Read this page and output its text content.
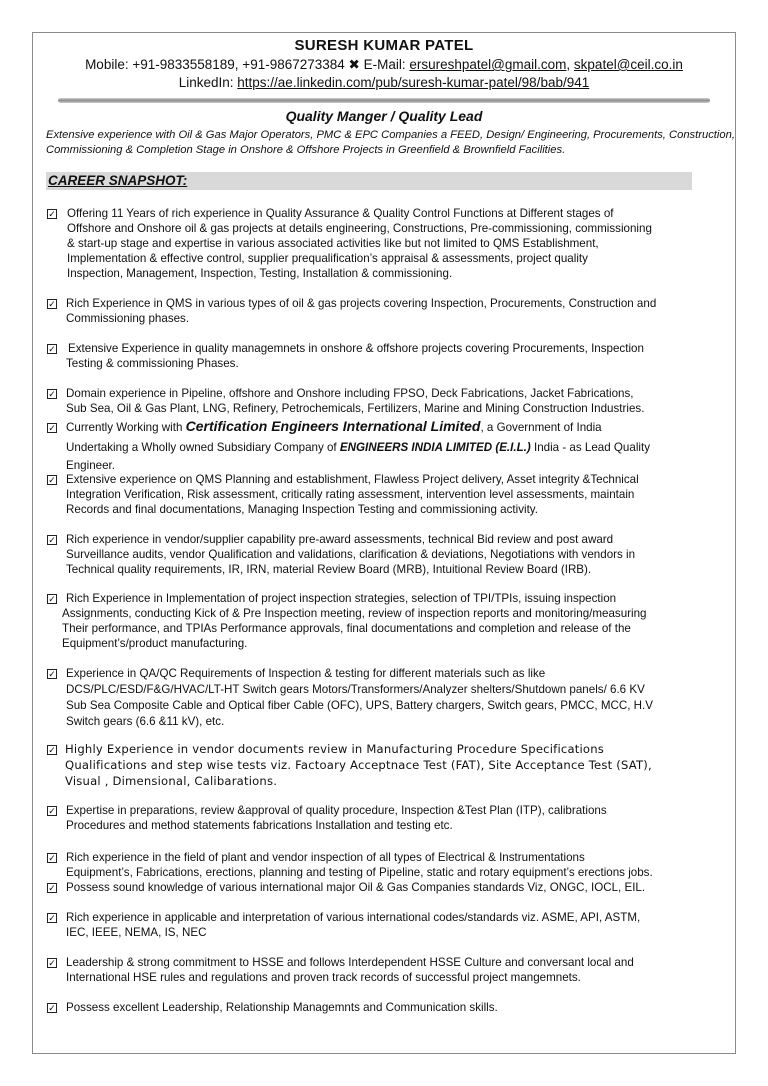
SURESH KUMAR PATEL
Mobile: +91-9833558189, +91-9867273384 ✖ E-Mail: ersureshpatel@gmail.com, skpatel@ceil.co.in
LinkedIn: https://ae.linkedin.com/pub/suresh-kumar-patel/98/bab/941
Quality Manger / Quality Lead
Extensive experience with Oil & Gas Major Operators, PMC & EPC Companies a FEED, Design/ Engineering, Procurements, Construction, Commissioning & Completion Stage in Onshore & Offshore Projects in Greenfield & Brownfield Facilities.
CAREER SNAPSHOT:
✓ Offering 11 Years of rich experience in Quality Assurance & Quality Control Functions at Different stages of
Offshore and Onshore oil & gas projects at details engineering, Constructions, Pre-commissioning, commissioning
& start-up stage and expertise in various associated activities like but not limited to QMS Establishment,
Implementation & effective control, supplier prequalification’s appraisal & assessments, project quality
Inspection, Management, Inspection, Testing, Installation & commissioning.
✓ Rich Experience in QMS in various types of oil & gas projects covering Inspection, Procurements, Construction and
Commissioning phases.
✓ Extensive Experience in quality managemnets in onshore & offshore projects covering Procurements, Inspection
Testing & commissioning Phases.
✓ Domain experience in Pipeline, offshore and Onshore including FPSO, Deck Fabrications, Jacket Fabrications,
Sub Sea, Oil & Gas Plant, LNG, Refinery, Petrochemicals, Fertilizers, Marine and Mining Construction Industries.
✓ Extensive experience on QMS Planning and establishment, Flawless Project delivery, Asset integrity &Technical
Integration Verification, Risk assessment, critically rating assessment, intervention level assessments, maintain
Records and final documentations, Managing Inspection Testing and commissioning activity.
✓ Rich experience in vendor/supplier capability pre-award assessments, technical Bid review and post award
Surveillance audits, vendor Qualification and validations, clarification & deviations, Negotiations with vendors in
Technical quality requirements, IR, IRN, material Review Board (MRB), Intuitional Review Board (IRB).
✓ Rich Experience in Implementation of project inspection strategies, selection of TPI/TPIs, issuing inspection
Assignments, conducting Kick of & Pre Inspection meeting, review of inspection reports and monitoring/measuring
Their performance, and TPIAs Performance approvals, final documentations and completion and release of the
Equipment’s/product manufacturing.
✓ Experience in QA/QC Requirements of Inspection & testing for different materials such as like
DCS/PLC/ESD/F&G/HVAC/LT-HT Switch gears Motors/Transformers/Analyzer shelters/Shutdown panels/ 6.6 KV
Sub Sea Composite Cable and Optical fiber Cable (OFC), UPS, Battery chargers, Switch gears, PMCC, MCC, H.V
Switch gears (6.6 &11 kV), etc.
✓ Highly Experience in vendor documents review in Manufacturing Procedure Specifications
Qualifications and step wise tests viz. Factoary Acceptnace Test (FAT), Site Acceptance Test (SAT),
Visual , Dimensional, Calibarations.
✓ Expertise in preparations, review &approval of quality procedure, Inspection &Test Plan (ITP), calibrations
Procedures and method statements fabrications Installation and testing etc.
✓ Rich experience in the field of plant and vendor inspection of all types of Electrical & Instrumentations
Equipment’s, Fabrications, erections, planning and testing of Pipeline, static and rotary equipment’s erections jobs.
✓ Possess sound knowledge of various international major Oil & Gas Companies standards Viz, ONGC, IOCL, EIL.
✓ Rich experience in applicable and interpretation of various international codes/standards viz. ASME, API, ASTM,
IEC, IEEE, NEMA, IS, NEC
✓ Leadership & strong commitment to HSSE and follows Interdependent HSSE Culture and conversant local and
International HSE rules and regulations and proven track records of successful project mangemnets.
✓ Possess excellent Leadership, Relationship Managemnts and Communication skills.
✓ Currently Working with Certification Engineers International Limited, a Government of India
Undertaking a Wholly owned Subsidiary Company of ENGINEERS INDIA LIMITED (E.I.L.) India - as Lead Quality
Engineer.
